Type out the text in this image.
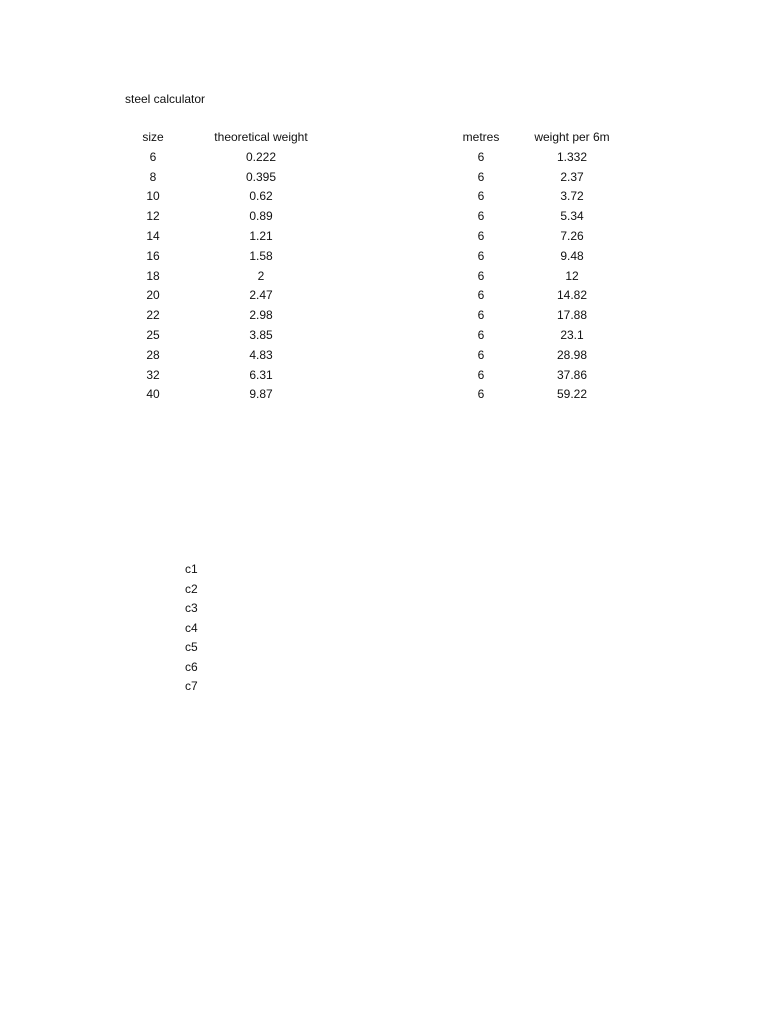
steel calculator
size	theoretical weight	metres	weight per 6m
6	0.222	6	1.332
8	0.395	6	2.37
10	0.62	6	3.72
12	0.89	6	5.34
14	1.21	6	7.26
16	1.58	6	9.48
18	2	6	12
20	2.47	6	14.82
22	2.98	6	17.88
25	3.85	6	23.1
28	4.83	6	28.98
32	6.31	6	37.86
40	9.87	6	59.22
c1
c2
c3
c4
c5
c6
c7
